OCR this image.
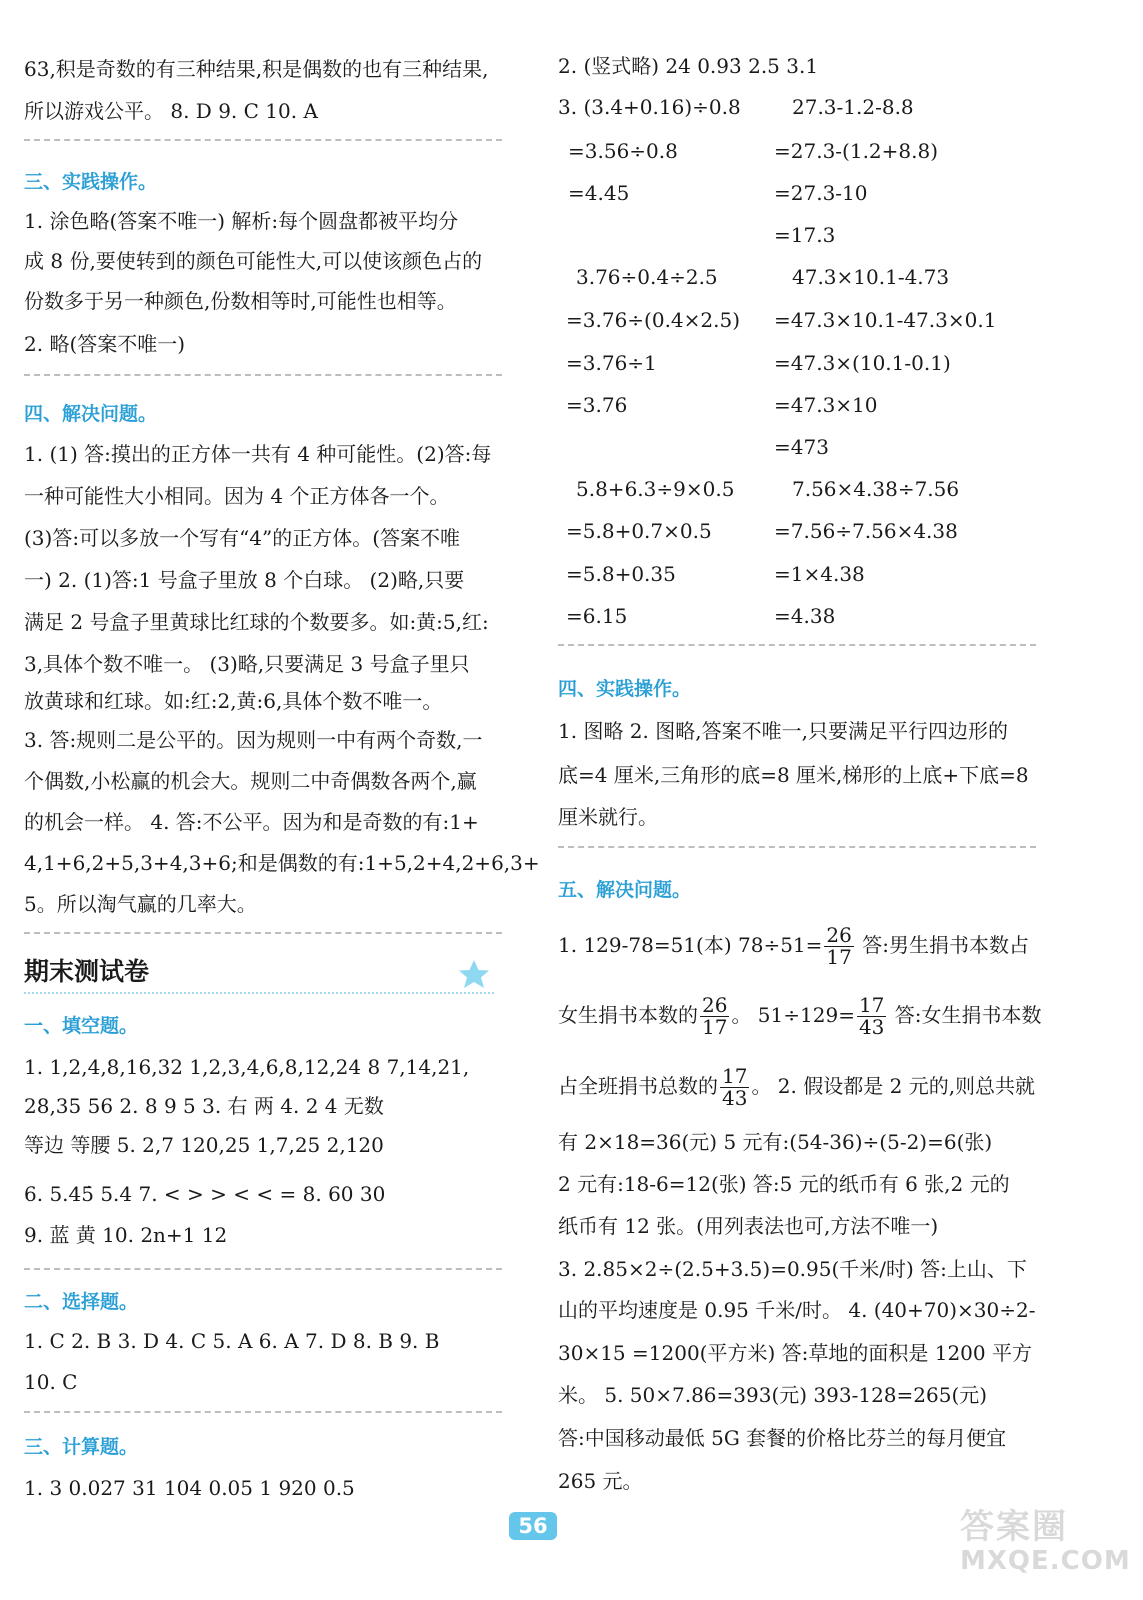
63,积是奇数的有三种结果,积是偶数的也有三种结果,
所以游戏公平。 8. D 9. C 10. A
三、实践操作。
1. 涂色略(答案不唯一) 解析:每个圆盘都被平均分
成 8 份,要使转到的颜色可能性大,可以使该颜色占的
份数多于另一种颜色,份数相等时,可能性也相等。
2. 略(答案不唯一)
四、解决问题。
1. (1) 答:摸出的正方体一共有 4 种可能性。(2)答:每
一种可能性大小相同。因为 4 个正方体各一个。
(3)答:可以多放一个写有“4”的正方体。(答案不唯
一) 2. (1)答:1 号盒子里放 8 个白球。 (2)略,只要
满足 2 号盒子里黄球比红球的个数要多。如:黄:5,红:
3,具体个数不唯一。 (3)略,只要满足 3 号盒子里只
放黄球和红球。如:红:2,黄:6,具体个数不唯一。
3. 答:规则二是公平的。因为规则一中有两个奇数,一
个偶数,小松赢的机会大。规则二中奇偶数各两个,赢
的机会一样。 4. 答:不公平。因为和是奇数的有:1+
4,1+6,2+5,3+4,3+6;和是偶数的有:1+5,2+4,2+6,3+
5。所以淘气赢的几率大。
期末测试卷
一、填空题。
1. 1,2,4,8,16,32 1,2,3,4,6,8,12,24 8 7,14,21,
28,35 56 2. 8 9 5 3. 右 两 4. 2 4 无数
等边 等腰 5. 2,7 120,25 1,7,25 2,120
6. 5.45̇ 5.4 7. < > > < < = 8. 60 30
9. 蓝 黄 10. 2n+1 12
二、选择题。
1. C 2. B 3. D 4. C 5. A 6. A 7. D 8. B 9. B
10. C
三、计算题。
1. 3 0.027 31 104 0.05 1 920 0.5
2. (竖式略) 24 0.93̇ 2.5 3.1
3. (3.4+0.16)÷0.8
=3.56÷0.8
=4.45
3.76÷0.4÷2.5
=3.76÷(0.4×2.5)
=3.76÷1
=3.76
5.8+6.3÷9×0.5
=5.8+0.7×0.5
=5.8+0.35
=6.15
27.3-1.2-8.8
=27.3-(1.2+8.8)
=27.3-10
=17.3
47.3×10.1-4.73
=47.3×10.1-47.3×0.1
=47.3×(10.1-0.1)
=47.3×10
=473
7.56×4.38÷7.56
=7.56÷7.56×4.38
=1×4.38
=4.38
四、实践操作。
1. 图略 2. 图略,答案不唯一,只要满足平行四边形的
底=4 厘米,三角形的底=8 厘米,梯形的上底+下底=8
厘米就行。
五、解决问题。
1. 129-78=51(本) $78\div 51= \frac{26}{17}$ 答:男生捐书本数占
女生捐书本数的 $\frac{26}{17}$ 。 $51\div 129= \frac{17}{43}$ 答:女生捐书本数
占全班捐书总数的 $\frac{17}{43}$ 。 2. 假设都是 2 元的,则总共就
有 2×18=36(元) 5 元有:(54-36)÷(5-2)=6(张)
2 元有:18-6=12(张) 答:5 元的纸币有 6 张,2 元的
纸币有 12 张。(用列表法也可,方法不唯一)
3. 2.85×2÷(2.5+3.5)=0.95(千米/时) 答:上山、下
山的平均速度是 0.95 千米/时。 4. (40+70)×30÷2-
30×15 =1200(平方米) 答:草地的面积是 1200 平方
米。 5. 50×7.86=393(元) 393-128=265(元)
答:中国移动最低 5G 套餐的价格比芬兰的每月便宜
265 元。
56	答案圈
MXQE.COM
